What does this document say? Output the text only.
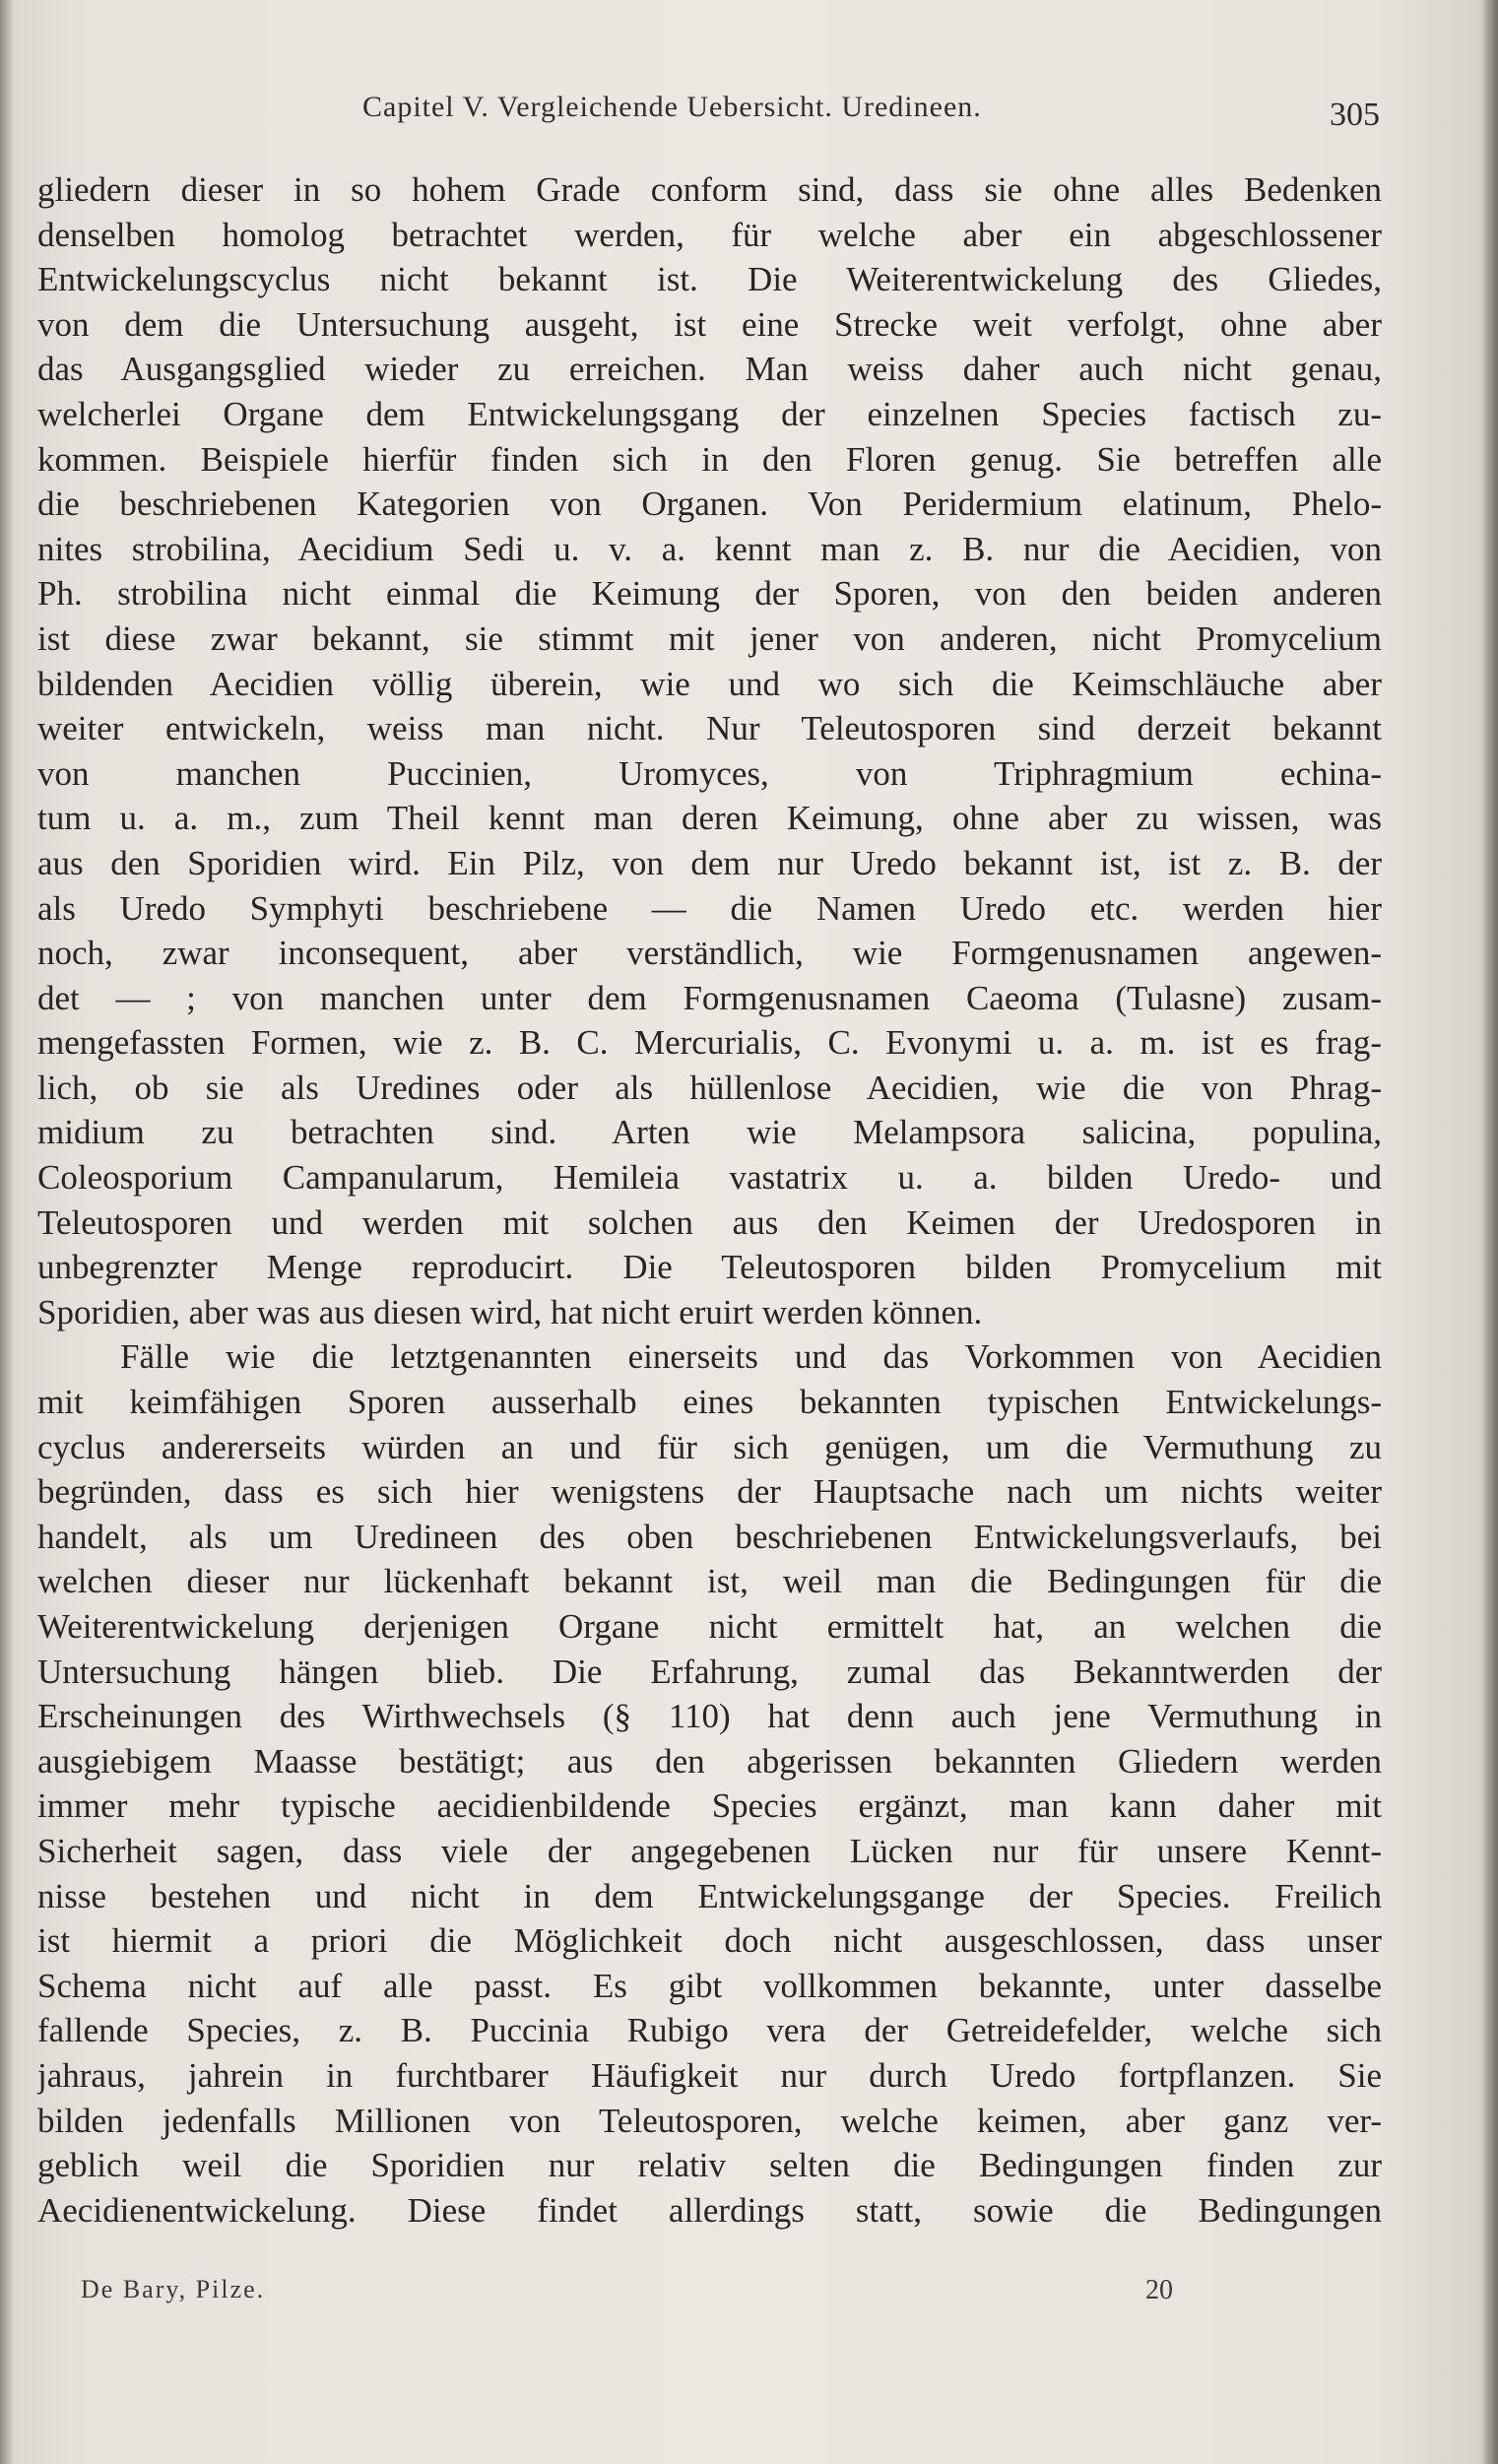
Capitel V. Vergleichende Uebersicht. Uredineen.	305
gliedern dieser in so hohem Grade conform sind, dass sie ohne alles Bedenken
denselben homolog betrachtet werden, für welche aber ein abgeschlossener
Entwickelungscyclus nicht bekannt ist. Die Weiterentwickelung des Gliedes,
von dem die Untersuchung ausgeht, ist eine Strecke weit verfolgt, ohne aber
das Ausgangsglied wieder zu erreichen. Man weiss daher auch nicht genau,
welcherlei Organe dem Entwickelungsgang der einzelnen Species factisch zu-
kommen. Beispiele hierfür finden sich in den Floren genug. Sie betreffen alle
die beschriebenen Kategorien von Organen. Von Peridermium elatinum, Phelo-
nites strobilina, Aecidium Sedi u. v. a. kennt man z. B. nur die Aecidien, von
Ph. strobilina nicht einmal die Keimung der Sporen, von den beiden anderen
ist diese zwar bekannt, sie stimmt mit jener von anderen, nicht Promycelium
bildenden Aecidien völlig überein, wie und wo sich die Keimschläuche aber
weiter entwickeln, weiss man nicht. Nur Teleutosporen sind derzeit bekannt
von manchen Puccinien, Uromyces, von Triphragmium echina-
tum u. a. m., zum Theil kennt man deren Keimung, ohne aber zu wissen, was
aus den Sporidien wird. Ein Pilz, von dem nur Uredo bekannt ist, ist z. B. der
als Uredo Symphyti beschriebene — die Namen Uredo etc. werden hier
noch, zwar inconsequent, aber verständlich, wie Formgenusnamen angewen-
det — ; von manchen unter dem Formgenusnamen Caeoma (Tulasne) zusam-
mengefassten Formen, wie z. B. C. Mercurialis, C. Evonymi u. a. m. ist es frag-
lich, ob sie als Uredines oder als hüllenlose Aecidien, wie die von Phrag-
midium zu betrachten sind. Arten wie Melampsora salicina, populina,
Coleosporium Campanularum, Hemileia vastatrix u. a. bilden Uredo- und
Teleutosporen und werden mit solchen aus den Keimen der Uredosporen in
unbegrenzter Menge reproducirt. Die Teleutosporen bilden Promycelium mit
Sporidien, aber was aus diesen wird, hat nicht eruirt werden können.
Fälle wie die letztgenannten einerseits und das Vorkommen von Aecidien
mit keimfähigen Sporen ausserhalb eines bekannten typischen Entwickelungs-
cyclus andererseits würden an und für sich genügen, um die Vermuthung zu
begründen, dass es sich hier wenigstens der Hauptsache nach um nichts weiter
handelt, als um Uredineen des oben beschriebenen Entwickelungsverlaufs, bei
welchen dieser nur lückenhaft bekannt ist, weil man die Bedingungen für die
Weiterentwickelung derjenigen Organe nicht ermittelt hat, an welchen die
Untersuchung hängen blieb. Die Erfahrung, zumal das Bekanntwerden der
Erscheinungen des Wirthwechsels (§ 110) hat denn auch jene Vermuthung in
ausgiebigem Maasse bestätigt; aus den abgerissen bekannten Gliedern werden
immer mehr typische aecidienbildende Species ergänzt, man kann daher mit
Sicherheit sagen, dass viele der angegebenen Lücken nur für unsere Kennt-
nisse bestehen und nicht in dem Entwickelungsgange der Species. Freilich
ist hiermit a priori die Möglichkeit doch nicht ausgeschlossen, dass unser
Schema nicht auf alle passt. Es gibt vollkommen bekannte, unter dasselbe
fallende Species, z. B. Puccinia Rubigo vera der Getreidefelder, welche sich
jahraus, jahrein in furchtbarer Häufigkeit nur durch Uredo fortpflanzen. Sie
bilden jedenfalls Millionen von Teleutosporen, welche keimen, aber ganz ver-
geblich weil die Sporidien nur relativ selten die Bedingungen finden zur
Aecidienentwickelung. Diese findet allerdings statt, sowie die Bedingungen
De Bary, Pilze.	20
